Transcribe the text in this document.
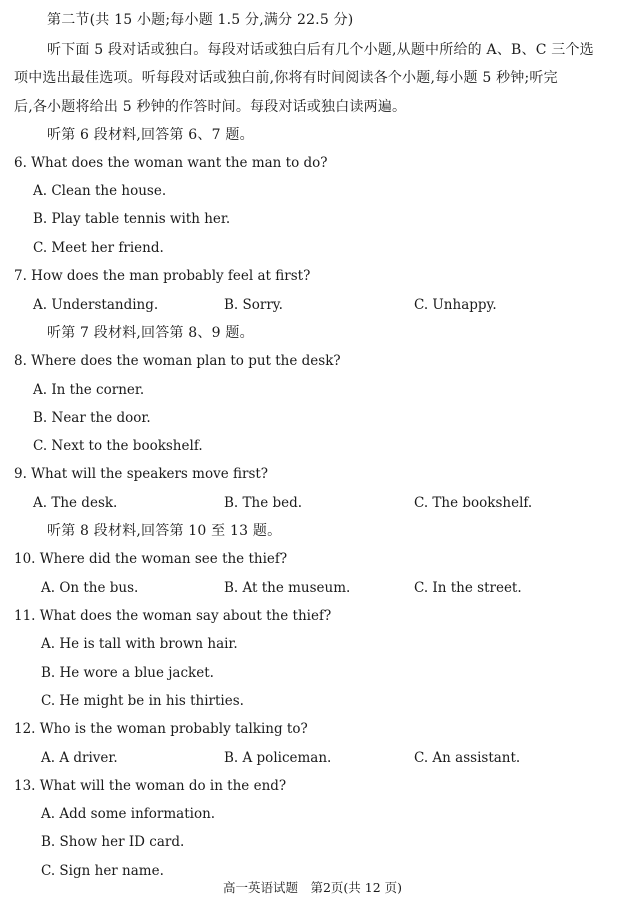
第二节(共 15 小题;每小题 1.5 分,满分 22.5 分)
听下面 5 段对话或独白。每段对话或独白后有几个小题,从题中所给的 A、B、C 三个选
项中选出最佳选项。听每段对话或独白前,你将有时间阅读各个小题,每小题 5 秒钟;听完
后,各小题将给出 5 秒钟的作答时间。每段对话或独白读两遍。
听第 6 段材料,回答第 6、7 题。
6. What does the woman want the man to do?
A. Clean the house.
B. Play table tennis with her.
C. Meet her friend.
7. How does the man probably feel at first?
A. Understanding.	B. Sorry.	C. Unhappy.
听第 7 段材料,回答第 8、9 题。
8. Where does the woman plan to put the desk?
A. In the corner.
B. Near the door.
C. Next to the bookshelf.
9. What will the speakers move first?
A. The desk.	B. The bed.	C. The bookshelf.
听第 8 段材料,回答第 10 至 13 题。
10. Where did the woman see the thief?
A. On the bus.	B. At the museum.	C. In the street.
11. What does the woman say about the thief?
A. He is tall with brown hair.
B. He wore a blue jacket.
C. He might be in his thirties.
12. Who is the woman probably talking to?
A. A driver.	B. A policeman.	C. An assistant.
13. What will the woman do in the end?
A. Add some information.
B. Show her ID card.
C. Sign her name.
高一英语试题　第2页(共 12 页)
